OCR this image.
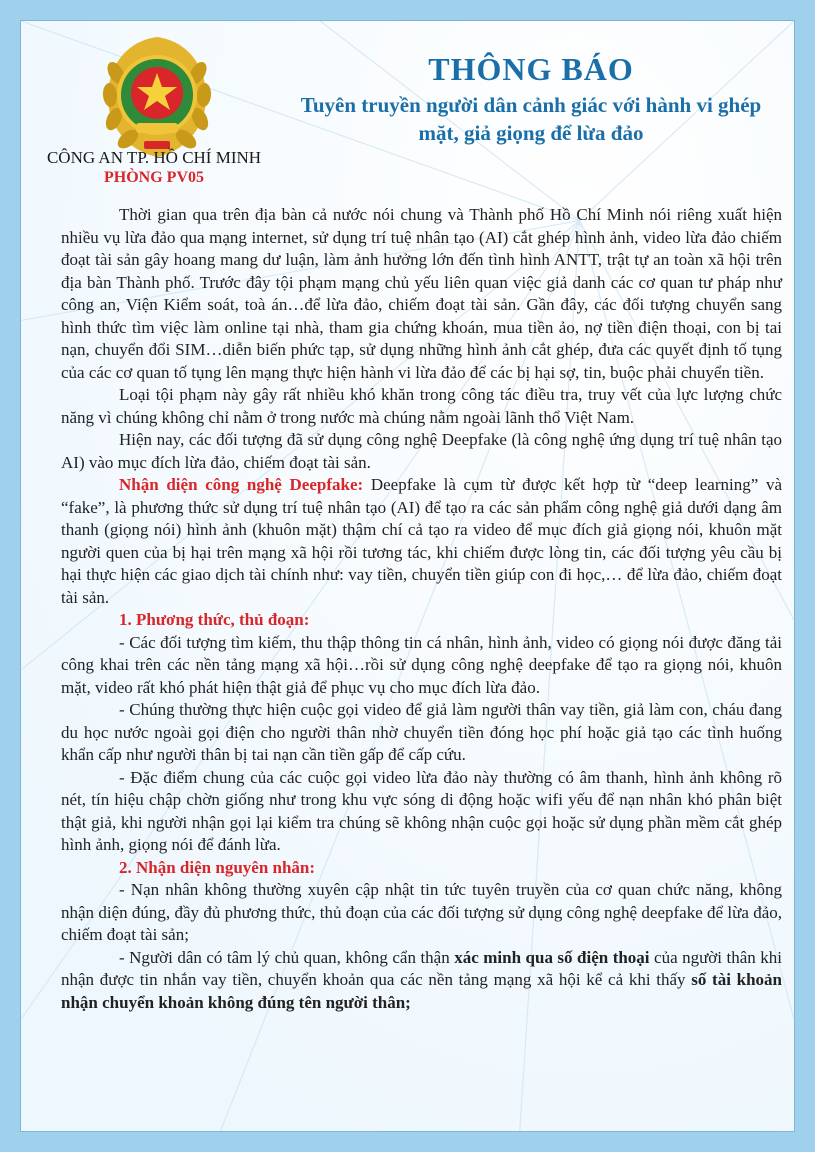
CÔNG AN TP. HỒ CHÍ MINH
PHÒNG PV05
THÔNG BÁO
Tuyên truyền người dân cảnh giác với hành vi ghép mặt, giả giọng để lừa đảo

Thời gian qua trên địa bàn cả nước nói chung và Thành phố Hồ Chí Minh nói riêng xuất hiện nhiều vụ lừa đảo qua mạng internet, sử dụng trí tuệ nhân tạo (AI) cắt ghép hình ảnh, video lừa đảo chiếm đoạt tài sản gây hoang mang dư luận, làm ảnh hưởng lớn đến tình hình ANTT, trật tự an toàn xã hội trên địa bàn Thành phố. Trước đây tội phạm mạng chủ yếu liên quan việc giả danh các cơ quan tư pháp như công an, Viện Kiểm soát, toà án…để lừa đảo, chiếm đoạt tài sản. Gần đây, các đối tượng chuyển sang hình thức tìm việc làm online tại nhà, tham gia chứng khoán, mua tiền ảo, nợ tiền điện thoại, con bị tai nạn, chuyển đổi SIM…diễn biến phức tạp, sử dụng những hình ảnh cắt ghép, đưa các quyết định tố tụng của các cơ quan tố tụng lên mạng thực hiện hành vi lừa đảo để các bị hại sợ, tin, buộc phải chuyển tiền.

Loại tội phạm này gây rất nhiều khó khăn trong công tác điều tra, truy vết của lực lượng chức năng vì chúng không chỉ nằm ở trong nước mà chúng nằm ngoài lãnh thổ Việt Nam.

Hiện nay, các đối tượng đã sử dụng công nghệ Deepfake (là công nghệ ứng dụng trí tuệ nhân tạo AI) vào mục đích lừa đảo, chiếm đoạt tài sản.

Nhận diện công nghệ Deepfake: Deepfake là cụm từ được kết hợp từ “deep learning” và “fake”, là phương thức sử dụng trí tuệ nhân tạo (AI) để tạo ra các sản phẩm công nghệ giả dưới dạng âm thanh (giọng nói) hình ảnh (khuôn mặt) thậm chí cả tạo ra video để mục đích giả giọng nói, khuôn mặt người quen của bị hại trên mạng xã hội rồi tương tác, khi chiếm được lòng tin, các đối tượng yêu cầu bị hại thực hiện các giao dịch tài chính như: vay tiền, chuyển tiền giúp con đi học,… để lừa đảo, chiếm đoạt tài sản.

1. Phương thức, thủ đoạn:

- Các đối tượng tìm kiếm, thu thập thông tin cá nhân, hình ảnh, video có giọng nói được đăng tải công khai trên các nền tảng mạng xã hội…rồi sử dụng công nghệ deepfake để tạo ra giọng nói, khuôn mặt, video rất khó phát hiện thật giả để phục vụ cho mục đích lừa đảo.

- Chúng thường thực hiện cuộc gọi video để giả làm người thân vay tiền, giả làm con, cháu đang du học nước ngoài gọi điện cho người thân nhờ chuyển tiền đóng học phí hoặc giả tạo các tình huống khẩn cấp như người thân bị tai nạn cần tiền gấp để cấp cứu.

- Đặc điểm chung của các cuộc gọi video lừa đảo này thường có âm thanh, hình ảnh không rõ nét, tín hiệu chập chờn giống như trong khu vực sóng di động hoặc wifi yếu để nạn nhân khó phân biệt thật giả, khi người nhận gọi lại kiểm tra chúng sẽ không nhận cuộc gọi hoặc sử dụng phần mềm cắt ghép hình ảnh, giọng nói để đánh lừa.

2. Nhận diện nguyên nhân:

- Nạn nhân không thường xuyên cập nhật tin tức tuyên truyền của cơ quan chức năng, không nhận diện đúng, đầy đủ phương thức, thủ đoạn của các đối tượng sử dụng công nghệ deepfake để lừa đảo, chiếm đoạt tài sản;

- Người dân có tâm lý chủ quan, không cẩn thận xác minh qua số điện thoại của người thân khi nhận được tin nhắn vay tiền, chuyển khoản qua các nền tảng mạng xã hội kể cả khi thấy số tài khoản nhận chuyển khoản không đúng tên người thân;
